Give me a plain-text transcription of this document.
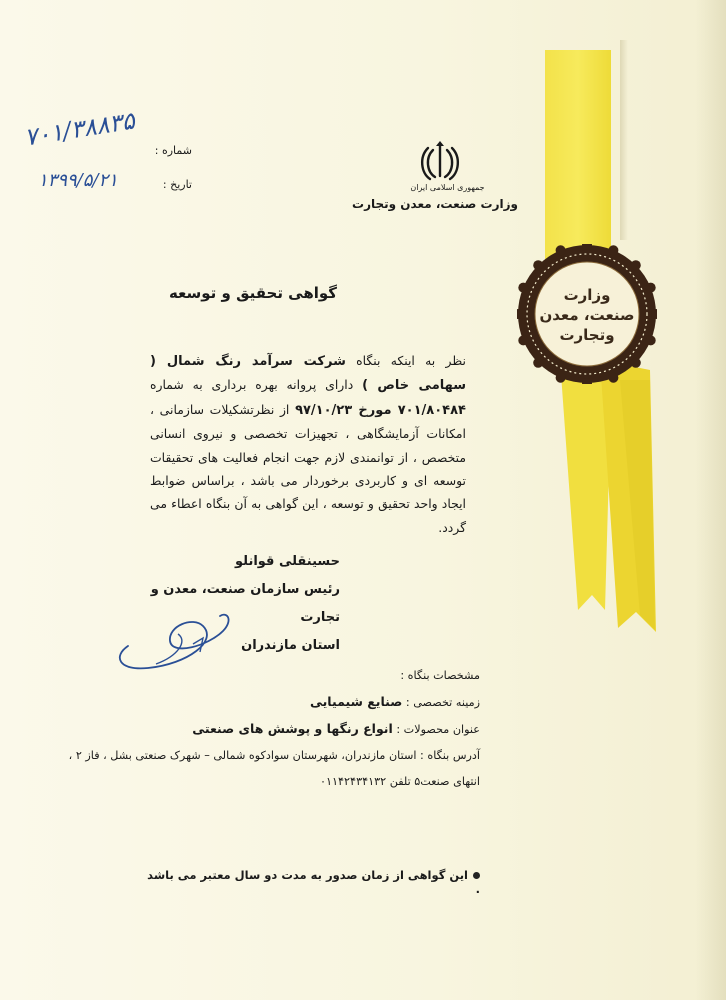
وزارت
صنعت، معدن
وتجارت
جمهوری اسلامی ایران
وزارت صنعت، معدن وتجارت
شماره :
تاریخ :
۷۰۱/۳۸۸۳۵
۱۳۹۹/۵/۲۱
گواهی تحقیق و توسعه
نظر به اینکه بنگاه شرکت سرآمد رنگ شمال ( سهامی خاص ) دارای پروانه بهره برداری به شماره ۷۰۱/۸۰۴۸۴ مورخ ۹۷/۱۰/۲۳ از نظرتشکیلات سازمانی ، امکانات آزمایشگاهی ، تجهیزات تخصصی و نیروی انسانی متخصص ، از توانمندی لازم جهت انجام فعالیت های تحقیقات توسعه ای و کاربردی برخوردار می باشد ، براساس ضوابط ایجاد واحد تحقیق و توسعه ، این گواهی به آن بنگاه اعطاء می گردد.
حسینقلی قوانلو
رئیس سازمان صنعت، معدن و تجارت
استان مازندران
مشخصات بنگاه :
زمینه تخصصی : صنایع شیمیایی
عنوان محصولات : انواع رنگها و پوشش های صنعتی
آدرس بنگاه : استان مازندران، شهرستان سوادکوه شمالی – شهرک صنعتی بشل ، فاز ۲ ، انتهای صنعت۵ تلفن ۰۱۱۴۲۴۳۴۱۳۲
این گواهی از زمان صدور به مدت دو سال معتبر می باشد .
